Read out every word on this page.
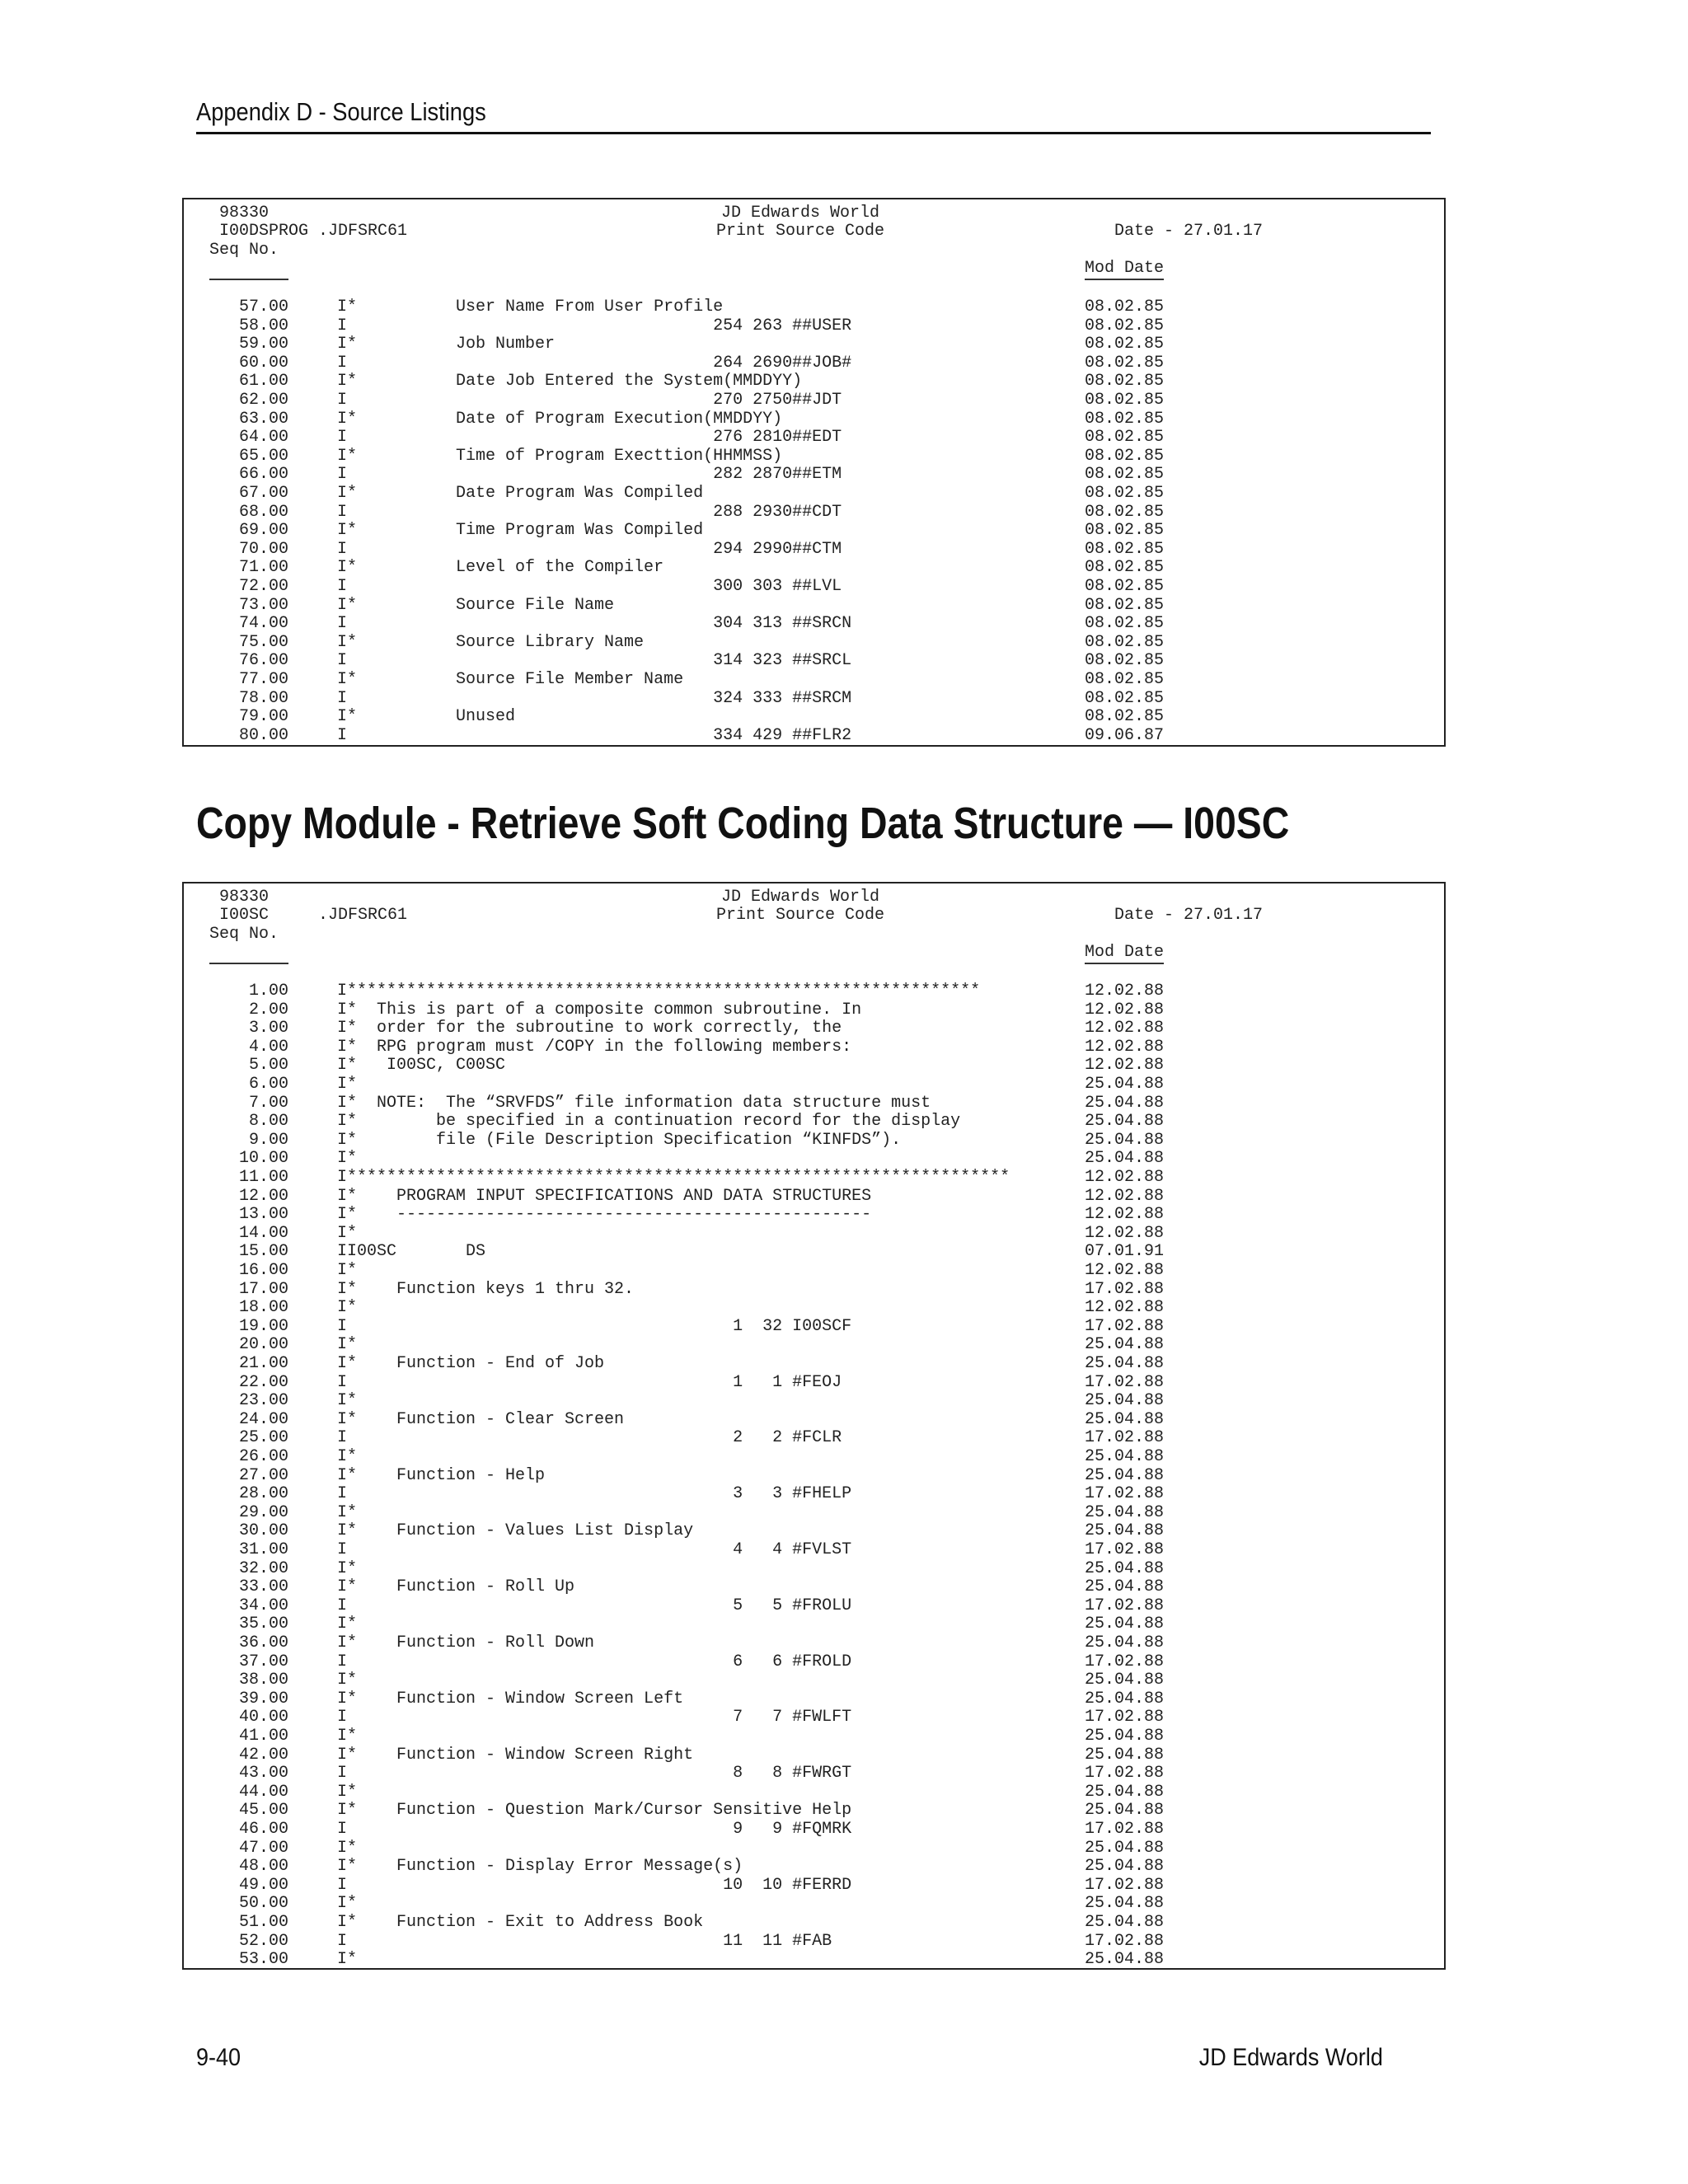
Appendix D - Source Listings
98330	JD Edwards World
I00DSPROG .JDFSRC61	Print Source Code	Date - 27.01.17
Seq No.
Mod Date
57.00	I*          User Name From User Profile	08.02.85
58.00	I                                     254 263 ##USER	08.02.85
59.00	I*          Job Number	08.02.85
60.00	I                                     264 2690##JOB#	08.02.85
61.00	I*          Date Job Entered the System(MMDDYY)	08.02.85
62.00	I                                     270 2750##JDT	08.02.85
63.00	I*          Date of Program Execution(MMDDYY)	08.02.85
64.00	I                                     276 2810##EDT	08.02.85
65.00	I*          Time of Program Execttion(HHMMSS)	08.02.85
66.00	I                                     282 2870##ETM	08.02.85
67.00	I*          Date Program Was Compiled	08.02.85
68.00	I                                     288 2930##CDT	08.02.85
69.00	I*          Time Program Was Compiled	08.02.85
70.00	I                                     294 2990##CTM	08.02.85
71.00	I*          Level of the Compiler	08.02.85
72.00	I                                     300 303 ##LVL	08.02.85
73.00	I*          Source File Name	08.02.85
74.00	I                                     304 313 ##SRCN	08.02.85
75.00	I*          Source Library Name	08.02.85
76.00	I                                     314 323 ##SRCL	08.02.85
77.00	I*          Source File Member Name	08.02.85
78.00	I                                     324 333 ##SRCM	08.02.85
79.00	I*          Unused	08.02.85
80.00	I                                     334 429 ##FLR2	09.06.87
Copy Module - Retrieve Soft Coding Data Structure — I00SC
98330	JD Edwards World
I00SC     .JDFSRC61	Print Source Code	Date - 27.01.17
Seq No.
Mod Date
1.00	I****************************************************************	12.02.88
2.00	I*  This is part of a composite common subroutine. In	12.02.88
3.00	I*  order for the subroutine to work correctly, the	12.02.88
4.00	I*  RPG program must /COPY in the following members:	12.02.88
5.00	I*   I00SC, C00SC	12.02.88
6.00	I*	25.04.88
7.00	I*  NOTE:  The “SRVFDS” file information data structure must	25.04.88
8.00	I*        be specified in a continuation record for the display	25.04.88
9.00	I*        file (File Description Specification “KINFDS”).	25.04.88
10.00	I*	25.04.88
11.00	I*******************************************************************	12.02.88
12.00	I*    PROGRAM INPUT SPECIFICATIONS AND DATA STRUCTURES	12.02.88
13.00	I*    ------------------------------------------------	12.02.88
14.00	I*	12.02.88
15.00	II00SC       DS	07.01.91
16.00	I*	12.02.88
17.00	I*    Function keys 1 thru 32.	17.02.88
18.00	I*	12.02.88
19.00	I                                       1  32 I00SCF	17.02.88
20.00	I*	25.04.88
21.00	I*    Function - End of Job	25.04.88
22.00	I                                       1   1 #FEOJ	17.02.88
23.00	I*	25.04.88
24.00	I*    Function - Clear Screen	25.04.88
25.00	I                                       2   2 #FCLR	17.02.88
26.00	I*	25.04.88
27.00	I*    Function - Help	25.04.88
28.00	I                                       3   3 #FHELP	17.02.88
29.00	I*	25.04.88
30.00	I*    Function - Values List Display	25.04.88
31.00	I                                       4   4 #FVLST	17.02.88
32.00	I*	25.04.88
33.00	I*    Function - Roll Up	25.04.88
34.00	I                                       5   5 #FROLU	17.02.88
35.00	I*	25.04.88
36.00	I*    Function - Roll Down	25.04.88
37.00	I                                       6   6 #FROLD	17.02.88
38.00	I*	25.04.88
39.00	I*    Function - Window Screen Left	25.04.88
40.00	I                                       7   7 #FWLFT	17.02.88
41.00	I*	25.04.88
42.00	I*    Function - Window Screen Right	25.04.88
43.00	I                                       8   8 #FWRGT	17.02.88
44.00	I*	25.04.88
45.00	I*    Function - Question Mark/Cursor Sensitive Help	25.04.88
46.00	I                                       9   9 #FQMRK	17.02.88
47.00	I*	25.04.88
48.00	I*    Function - Display Error Message(s)	25.04.88
49.00	I                                      10  10 #FERRD	17.02.88
50.00	I*	25.04.88
51.00	I*    Function - Exit to Address Book	25.04.88
52.00	I                                      11  11 #FAB	17.02.88
53.00	I*	25.04.88
9-40	JD Edwards World
